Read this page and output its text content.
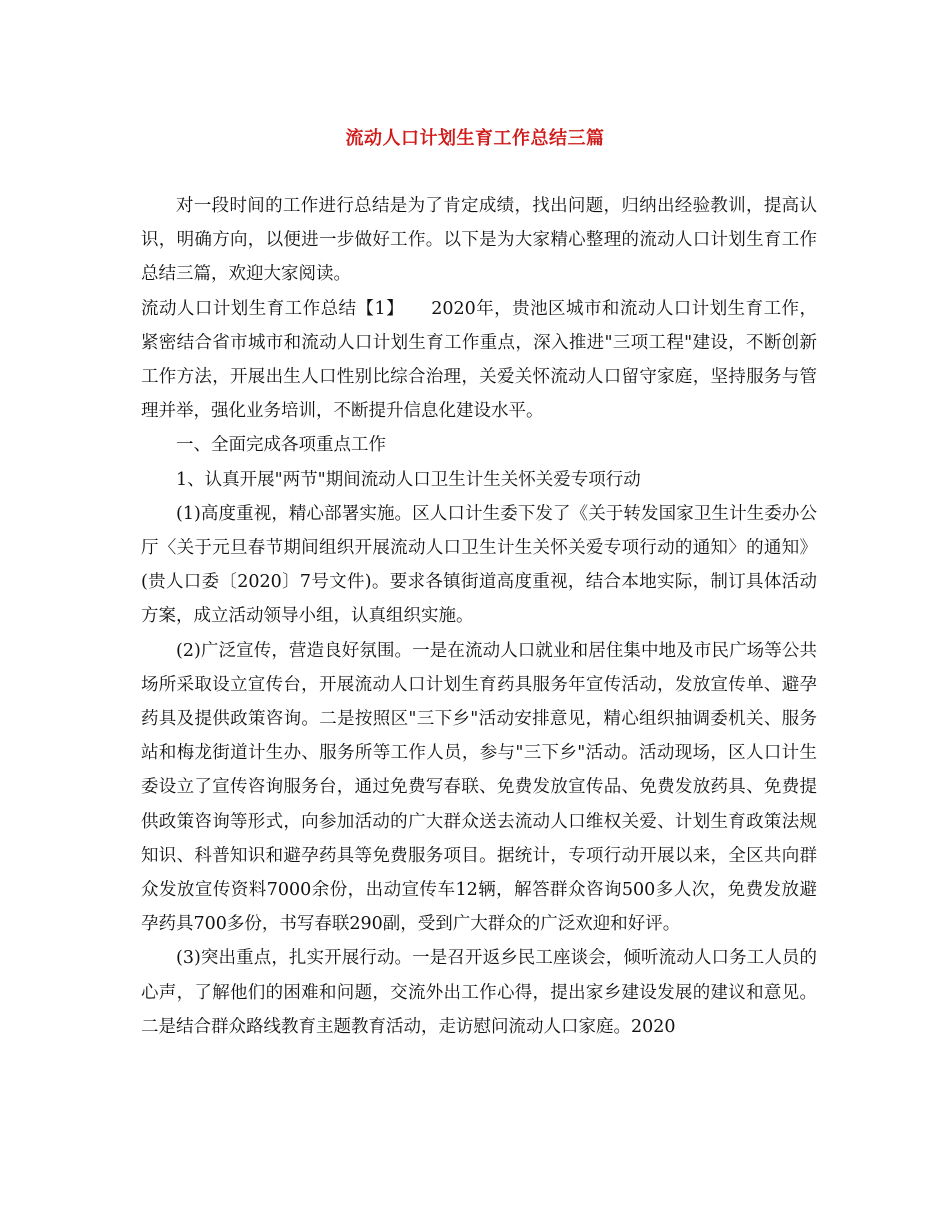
流动人口计划生育工作总结三篇

对一段时间的工作进行总结是为了肯定成绩，找出问题，归纳出经验教训，提高认识，明确方向，以便进一步做好工作。以下是为大家精心整理的流动人口计划生育工作总结三篇，欢迎大家阅读。

流动人口计划生育工作总结【1】　　2020年，贵池区城市和流动人口计划生育工作，紧密结合省市城市和流动人口计划生育工作重点，深入推进"三项工程"建设，不断创新工作方法，开展出生人口性别比综合治理，关爱关怀流动人口留守家庭，坚持服务与管理并举，强化业务培训，不断提升信息化建设水平。

一、全面完成各项重点工作

1、认真开展"两节"期间流动人口卫生计生关怀关爱专项行动

(1)高度重视，精心部署实施。区人口计生委下发了《关于转发国家卫生计生委办公厅〈关于元旦春节期间组织开展流动人口卫生计生关怀关爱专项行动的通知〉的通知》(贵人口委〔2020〕7号文件)。要求各镇街道高度重视，结合本地实际，制订具体活动方案，成立活动领导小组，认真组织实施。

(2)广泛宣传，营造良好氛围。一是在流动人口就业和居住集中地及市民广场等公共场所采取设立宣传台，开展流动人口计划生育药具服务年宣传活动，发放宣传单、避孕药具及提供政策咨询。二是按照区"三下乡"活动安排意见，精心组织抽调委机关、服务站和梅龙街道计生办、服务所等工作人员，参与"三下乡"活动。活动现场，区人口计生委设立了宣传咨询服务台，通过免费写春联、免费发放宣传品、免费发放药具、免费提供政策咨询等形式，向参加活动的广大群众送去流动人口维权关爱、计划生育政策法规知识、科普知识和避孕药具等免费服务项目。据统计，专项行动开展以来，全区共向群众发放宣传资料7000余份，出动宣传车12辆，解答群众咨询500多人次，免费发放避孕药具700多份，书写春联290副，受到广大群众的广泛欢迎和好评。

(3)突出重点，扎实开展行动。一是召开返乡民工座谈会，倾听流动人口务工人员的心声，了解他们的困难和问题，交流外出工作心得，提出家乡建设发展的建议和意见。二是结合群众路线教育主题教育活动，走访慰问流动人口家庭。2020
